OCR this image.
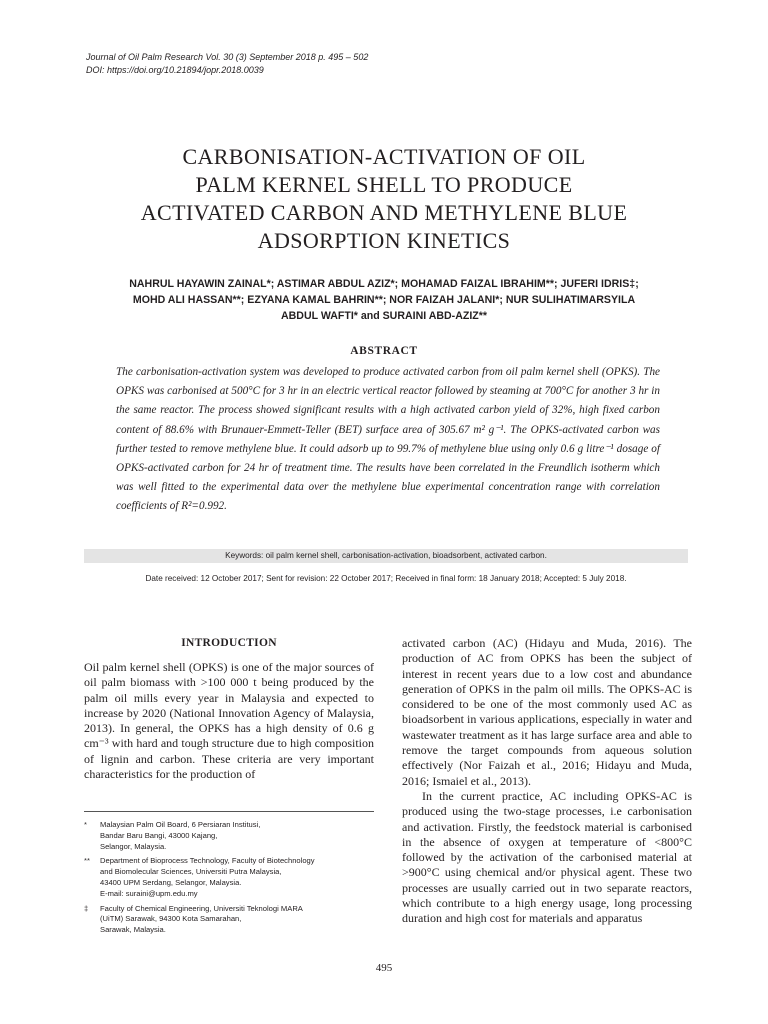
Journal of Oil Palm Research Vol. 30 (3) September 2018 p. 495 – 502
DOI: https://doi.org/10.21894/jopr.2018.0039
CARBONISATION-ACTIVATION OF OIL
PALM KERNEL SHELL TO PRODUCE
ACTIVATED CARBON AND METHYLENE BLUE
ADSORPTION KINETICS
NAHRUL HAYAWIN ZAINAL*; ASTIMAR ABDUL AZIZ*; MOHAMAD FAIZAL IBRAHIM**; JUFERI IDRIS‡;
MOHD ALI HASSAN**; EZYANA KAMAL BAHRIN**; NOR FAIZAH JALANI*; NUR SULIHATIMARSYILA
ABDUL WAFTI* and SURAINI ABD-AZIZ**
ABSTRACT
The carbonisation-activation system was developed to produce activated carbon from oil palm kernel shell (OPKS). The OPKS was carbonised at 500°C for 3 hr in an electric vertical reactor followed by steaming at 700°C for another 3 hr in the same reactor. The process showed significant results with a high activated carbon yield of 32%, high fixed carbon content of 88.6% with Brunauer-Emmett-Teller (BET) surface area of 305.67 m² g⁻¹. The OPKS-activated carbon was further tested to remove methylene blue. It could adsorb up to 99.7% of methylene blue using only 0.6 g litre⁻¹ dosage of OPKS-activated carbon for 24 hr of treatment time. The results have been correlated in the Freundlich isotherm which was well fitted to the experimental data over the methylene blue experimental concentration range with correlation coefficients of R²=0.992.
Keywords: oil palm kernel shell, carbonisation-activation, bioadsorbent, activated carbon.
Date received: 12 October 2017; Sent for revision: 22 October 2017; Received in final form: 18 January 2018; Accepted: 5 July 2018.
INTRODUCTION

Oil palm kernel shell (OPKS) is one of the major sources of oil palm biomass with >100 000 t being produced by the palm oil mills every year in Malaysia and expected to increase by 2020 (National Innovation Agency of Malaysia, 2013). In general, the OPKS has a high density of 0.6 g cm⁻³ with hard and tough structure due to high composition of lignin and carbon. These criteria are very important characteristics for the production of

activated carbon (AC) (Hidayu and Muda, 2016). The production of AC from OPKS has been the subject of interest in recent years due to a low cost and abundance generation of OPKS in the palm oil mills. The OPKS-AC is considered to be one of the most commonly used AC as bioadsorbent in various applications, especially in water and wastewater treatment as it has large surface area and able to remove the target compounds from aqueous solution effectively (Nor Faizah et al., 2016; Hidayu and Muda, 2016; Ismaiel et al., 2013).

In the current practice, AC including OPKS-AC is produced using the two-stage processes, i.e carbonisation and activation. Firstly, the feedstock material is carbonised in the absence of oxygen at temperature of <800°C followed by the activation of the carbonised material at >900°C using chemical and/or physical agent. These two processes are usually carried out in two separate reactors, which contribute to a high energy usage, long processing duration and high cost for materials and apparatus

*	Malaysian Palm Oil Board, 6 Persiaran Institusi,
Bandar Baru Bangi, 43000 Kajang,
Selangor, Malaysia.
**	Department of Bioprocess Technology, Faculty of Biotechnology
and Biomolecular Sciences, Universiti Putra Malaysia,
43400 UPM Serdang, Selangor, Malaysia.
E-mail: suraini@upm.edu.my
‡	Faculty of Chemical Engineering, Universiti Teknologi MARA
(UiTM) Sarawak, 94300 Kota Samarahan,
Sarawak, Malaysia.
495
